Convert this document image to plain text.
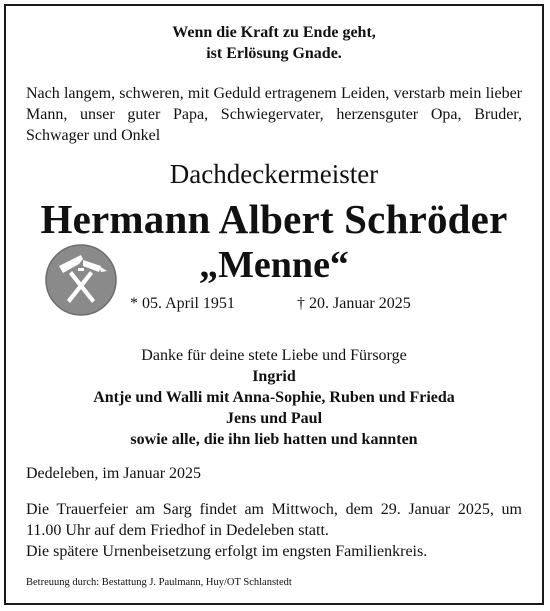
Wenn die Kraft zu Ende geht,
ist Erlösung Gnade.
Nach langem, schweren, mit Geduld ertragenem Leiden, verstarb mein lieber Mann, unser guter Papa, Schwiegervater, herzensguter Opa, Bruder, Schwager und Onkel
Dachdeckermeister
Hermann Albert Schröder
„Menne“
* 05. April 1951	† 20. Januar 2025
Danke für deine stete Liebe und Fürsorge
Ingrid
Antje und Walli mit Anna-Sophie, Ruben und Frieda
Jens und Paul
sowie alle, die ihn lieb hatten und kannten
Dedeleben, im Januar 2025
Die Trauerfeier am Sarg findet am Mittwoch, dem 29. Januar 2025, um
11.00 Uhr auf dem Friedhof in Dedeleben statt.
Die spätere Urnenbeisetzung erfolgt im engsten Familienkreis.
Betreuung durch: Bestattung J. Paulmann, Huy/OT Schlanstedt
